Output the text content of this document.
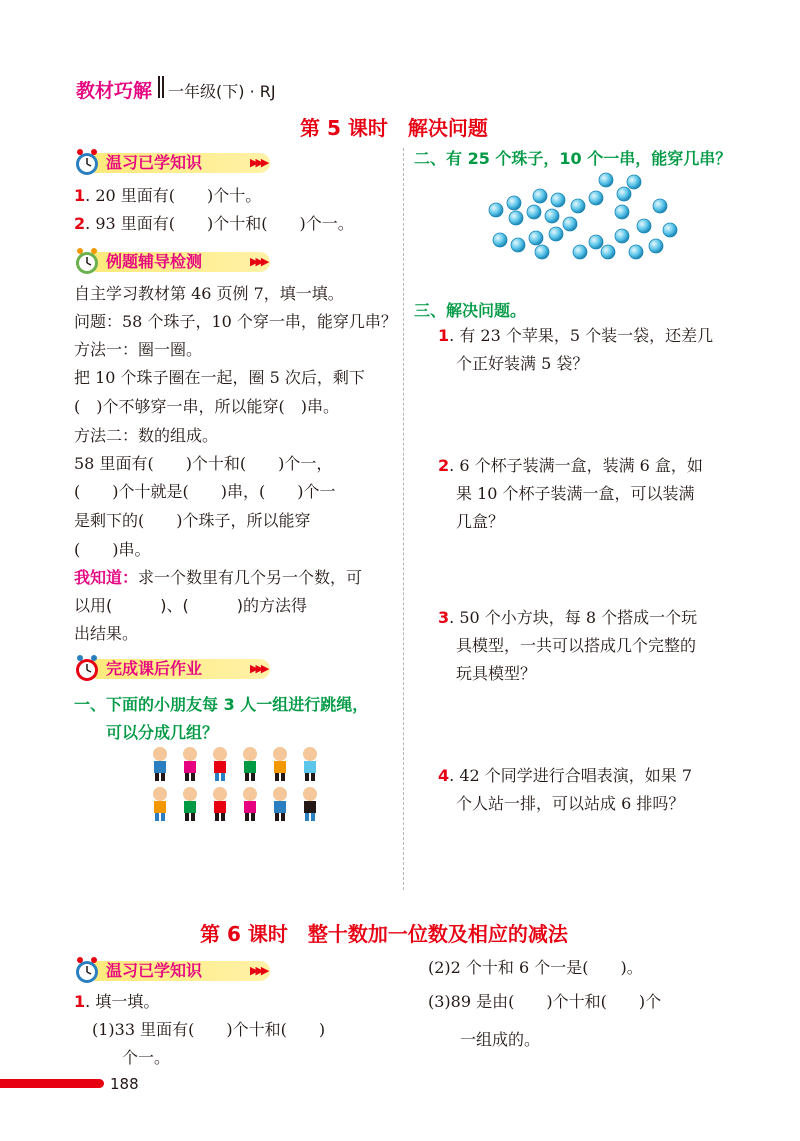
教材巧解 一年级(下) · RJ
第 5 课时　解决问题
温习已学知识	▶▶▶
1. 20 里面有(　　)个十。
2. 93 里面有(　　)个十和(　　)个一。
例题辅导检测	▶▶▶
自主学习教材第 46 页例 7，填一填。
问题：58 个珠子，10 个穿一串，能穿几串？
方法一：圈一圈。
把 10 个珠子圈在一起，圈 5 次后，剩下
(　)个不够穿一串，所以能穿(　)串。
方法二：数的组成。
58 里面有(　　)个十和(　　)个一，
(　　)个十就是(　　)串，(　　)个一
是剩下的(　　)个珠子，所以能穿
(　　)串。
我知道：求一个数里有几个另一个数，可
以用(　　　)、(　　　)的方法得
出结果。
完成课后作业	▶▶▶
一、下面的小朋友每 3 人一组进行跳绳，
可以分成几组？
二、有 25 个珠子，10 个一串，能穿几串？
三、解决问题。
1. 有 23 个苹果，5 个装一袋，还差几
个正好装满 5 袋？
2. 6 个杯子装满一盒，装满 6 盒，如
果 10 个杯子装满一盒，可以装满
几盒？
3. 50 个小方块，每 8 个搭成一个玩
具模型，一共可以搭成几个完整的
玩具模型？
4. 42 个同学进行合唱表演，如果 7
个人站一排，可以站成 6 排吗？
第 6 课时　整十数加一位数及相应的减法
温习已学知识	▶▶▶
1. 填一填。
(1)33 里面有(　　)个十和(　　)
个一。
(2)2 个十和 6 个一是(　　)。
(3)89 是由(　　)个十和(　　)个
一组成的。
188
